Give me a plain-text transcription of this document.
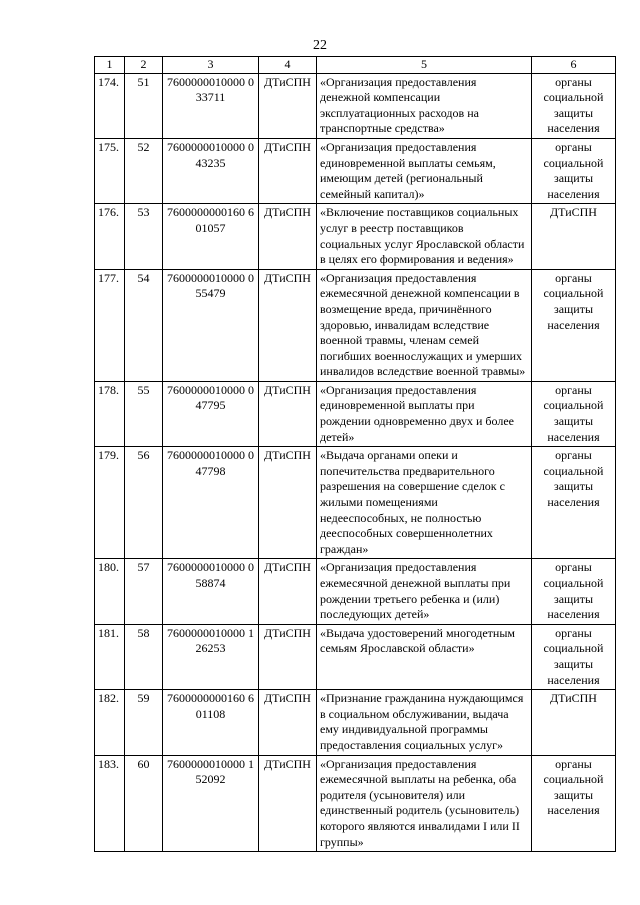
22
1	2	3	4	5	6
174.	51	7600000010000 033711	ДТиСПН	«Организация предоставления денежной компенсации эксплуатационных расходов на транспортные средства»	органы социальной защиты населения
175.	52	7600000010000 043235	ДТиСПН	«Организация предоставления единовременной выплаты семьям, имеющим детей (региональный семейный капитал)»	органы социальной защиты населения
176.	53	7600000000160 601057	ДТиСПН	«Включение поставщиков социальных услуг в реестр поставщиков социальных услуг Ярославской области в целях его формирования и ведения»	ДТиСПН
177.	54	7600000010000 055479	ДТиСПН	«Организация предоставления ежемесячной денежной компенсации в возмещение вреда, причинённого здоровью, инвалидам вследствие военной травмы, членам семей погибших военнослужащих и умерших инвалидов вследствие военной травмы»	органы социальной защиты населения
178.	55	7600000010000 047795	ДТиСПН	«Организация предоставления единовременной выплаты при рождении одновременно двух и более детей»	органы социальной защиты населения
179.	56	7600000010000 047798	ДТиСПН	«Выдача органами опеки и попечительства предварительного разрешения на совершение сделок с жилыми помещениями недееспособных, не полностью дееспособных совершеннолетних граждан»	органы социальной защиты населения
180.	57	7600000010000 058874	ДТиСПН	«Организация предоставления ежемесячной денежной выплаты при рождении третьего ребенка и (или) последующих детей»	органы социальной защиты населения
181.	58	7600000010000 126253	ДТиСПН	«Выдача удостоверений многодетным семьям Ярославской области»	органы социальной защиты населения
182.	59	7600000000160 601108	ДТиСПН	«Признание гражданина нуждающимся в социальном обслуживании, выдача ему индивидуальной программы предоставления социальных услуг»	ДТиСПН
183.	60	7600000010000 152092	ДТиСПН	«Организация предоставления ежемесячной выплаты на ребенка, оба родителя (усыновителя) или единственный родитель (усыновитель) которого являются инвалидами I или II группы»	органы социальной защиты населения
